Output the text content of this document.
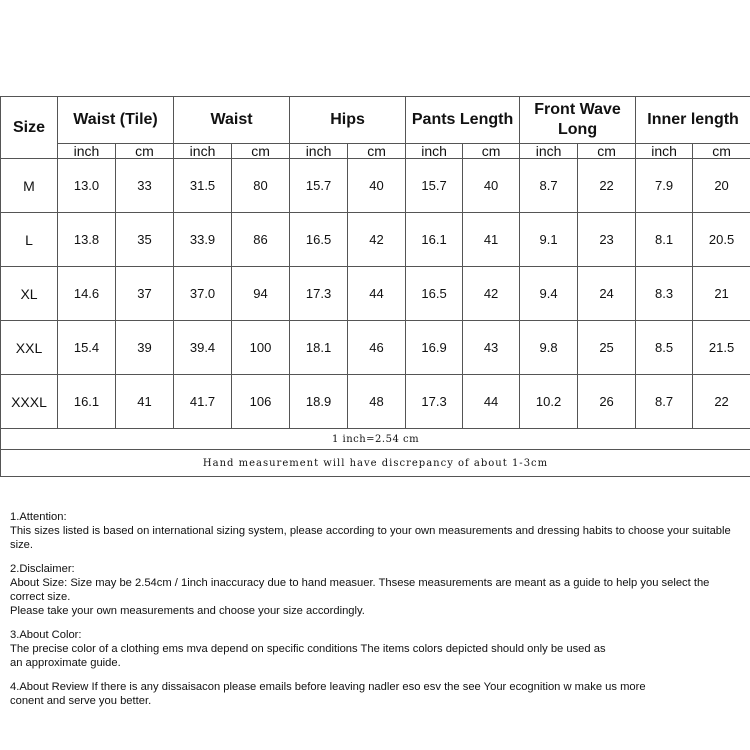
Size	Waist (Tile)		Waist		Hips		Pants Length		Front Wave Long		Inner length	
	inch	cm	inch	cm	inch	cm	inch	cm	inch	cm	inch	cm
M	13.0	33	31.5	80	15.7	40	15.7	40	8.7	22	7.9	20
L	13.8	35	33.9	86	16.5	42	16.1	41	9.1	23	8.1	20.5
XL	14.6	37	37.0	94	17.3	44	16.5	42	9.4	24	8.3	21
XXL	15.4	39	39.4	100	18.1	46	16.9	43	9.8	25	8.5	21.5
XXXL	16.1	41	41.7	106	18.9	48	17.3	44	10.2	26	8.7	22
1 inch=2.54 cm												
Hand measurement will have discrepancy of about 1-3cm												

1.Attention:

This sizes listed is based on international sizing system, please according to your own measurements and dressing habits to choose your suitable size.

2.Disclaimer:

About Size: Size may be 2.54cm / 1inch inaccuracy due to hand measuer. Thsese measurements are meant as a guide to help you select the correct size.

Please take your own measurements and choose your size accordingly.

3.About Color:

The precise color of a clothing ems mva depend on specific conditions The items colors depicted should only be used as

an approximate guide.

4.About Review If there is any dissaisacon please emails before leaving nadler eso esv the see Your ecognition w make us more

conent and serve you better.
